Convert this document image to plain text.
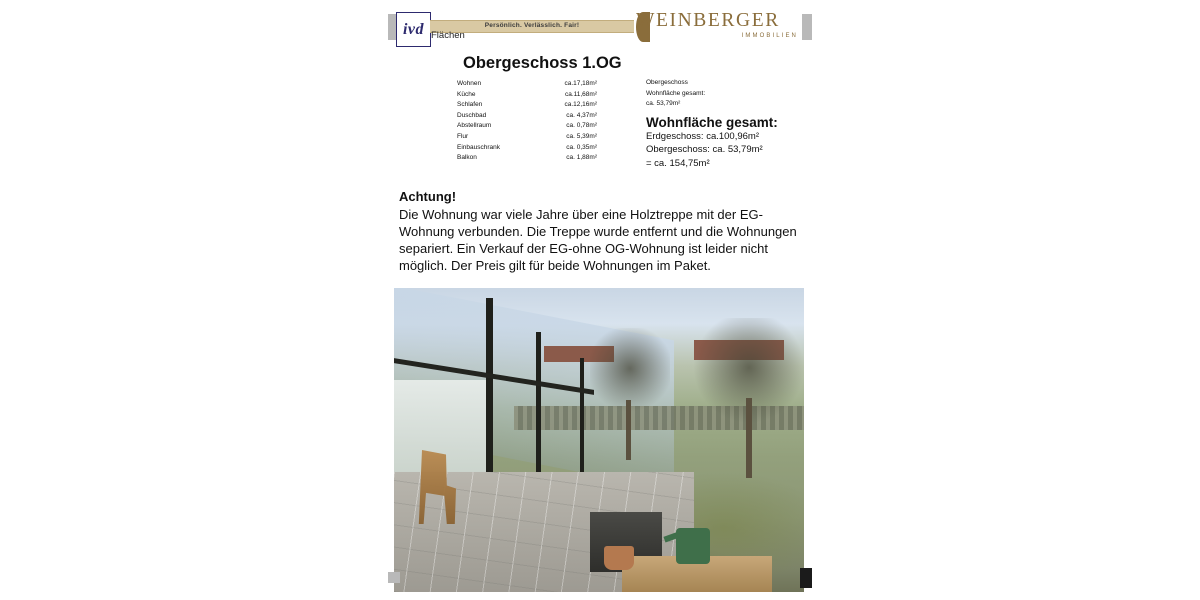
ivd	Persönlich. Verlässlich. Fair!	WEINBERGER
IMMOBILIEN
Flächen
Obergeschoss 1.OG
Wohnen	ca.17,18m²
Küche	ca.11,68m²
Schlafen	ca.12,16m²
Duschbad	ca. 4,37m²
Abstellraum	ca. 0,78m²
Flur	ca. 5,39m²
Einbauschrank	ca. 0,35m²
Balkon	ca. 1,88m²
Obergeschoss
Wohnfläche gesamt:
ca. 53,79m²
Wohnfläche gesamt:
Erdgeschoss: ca.100,96m²
Obergeschoss: ca. 53,79m²
= ca. 154,75m²
Achtung!
Die Wohnung war viele Jahre über eine Holztreppe mit der EG-Wohnung verbunden. Die Treppe wurde entfernt und die Wohnungen separiert. Ein Verkauf der EG-ohne OG-Wohnung ist leider nicht möglich. Der Preis gilt für beide Wohnungen im Paket.
